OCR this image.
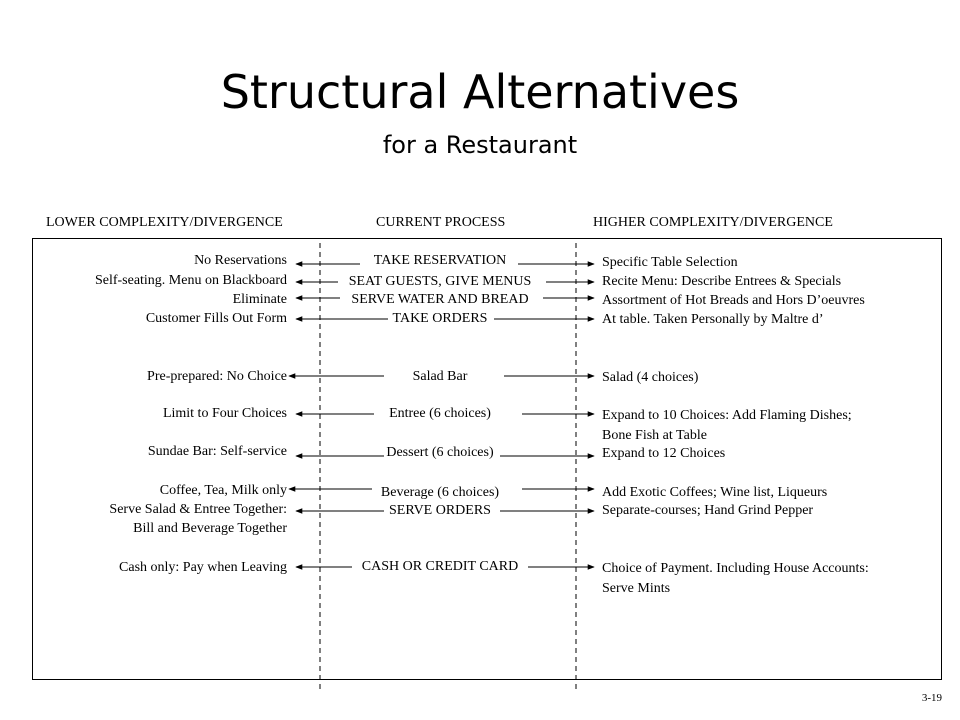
Structural Alternatives
for a Restaurant
LOWER COMPLEXITY/DIVERGENCE	CURRENT PROCESS	HIGHER COMPLEXITY/DIVERGENCE
No Reservations
Self-seating. Menu on Blackboard
Eliminate
Customer Fills Out Form
Pre-prepared: No Choice
Limit to Four Choices
Sundae Bar: Self-service
Coffee, Tea, Milk only
Serve Salad & Entree Together:
Bill and Beverage Together
Cash only: Pay when Leaving
TAKE RESERVATION
SEAT GUESTS, GIVE MENUS
SERVE WATER AND BREAD
TAKE ORDERS
Salad Bar
Entree (6 choices)
Dessert (6 choices)
Beverage (6 choices)
SERVE ORDERS
CASH OR CREDIT CARD
Specific Table Selection
Recite Menu: Describe Entrees & Specials
Assortment of Hot Breads and Hors D’oeuvres
At table. Taken Personally by Maltre d’
Salad (4 choices)
Expand to 10 Choices: Add Flaming Dishes;
Bone Fish at Table
Expand to 12 Choices
Add Exotic Coffees; Wine list, Liqueurs
Separate-courses; Hand Grind Pepper
Choice of Payment. Including House Accounts:
Serve Mints
3-19
